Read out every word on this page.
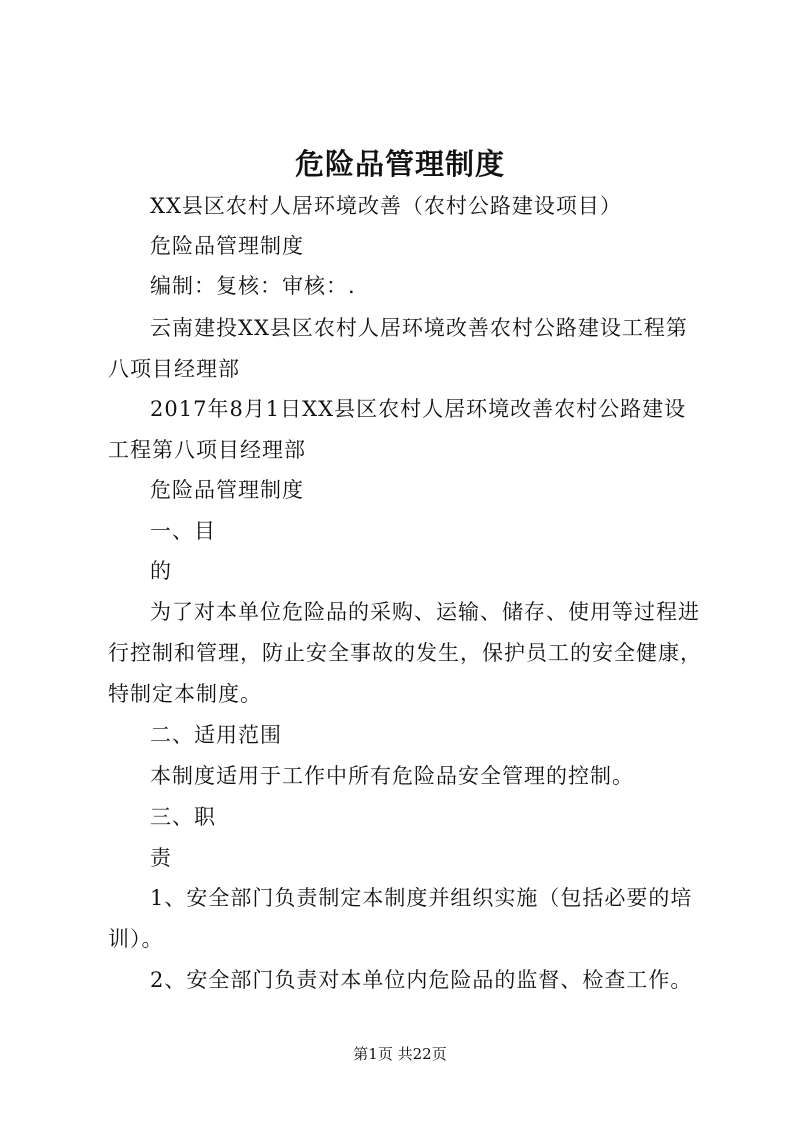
危险品管理制度
XX县区农村人居环境改善（农村公路建设项目）
危险品管理制度
编制：复核：审核：.
云南建投XX县区农村人居环境改善农村公路建设工程第八项目经理部
2017年8月1日XX县区农村人居环境改善农村公路建设工程第八项目经理部
危险品管理制度
一、目
的
为了对本单位危险品的采购、运输、储存、使用等过程进行控制和管理，防止安全事故的发生，保护员工的安全健康，特制定本制度。
二、适用范围
本制度适用于工作中所有危险品安全管理的控制。
三、职
责
1、安全部门负责制定本制度并组织实施（包括必要的培训）。
2、安全部门负责对本单位内危险品的监督、检查工作。
第1页 共22页
